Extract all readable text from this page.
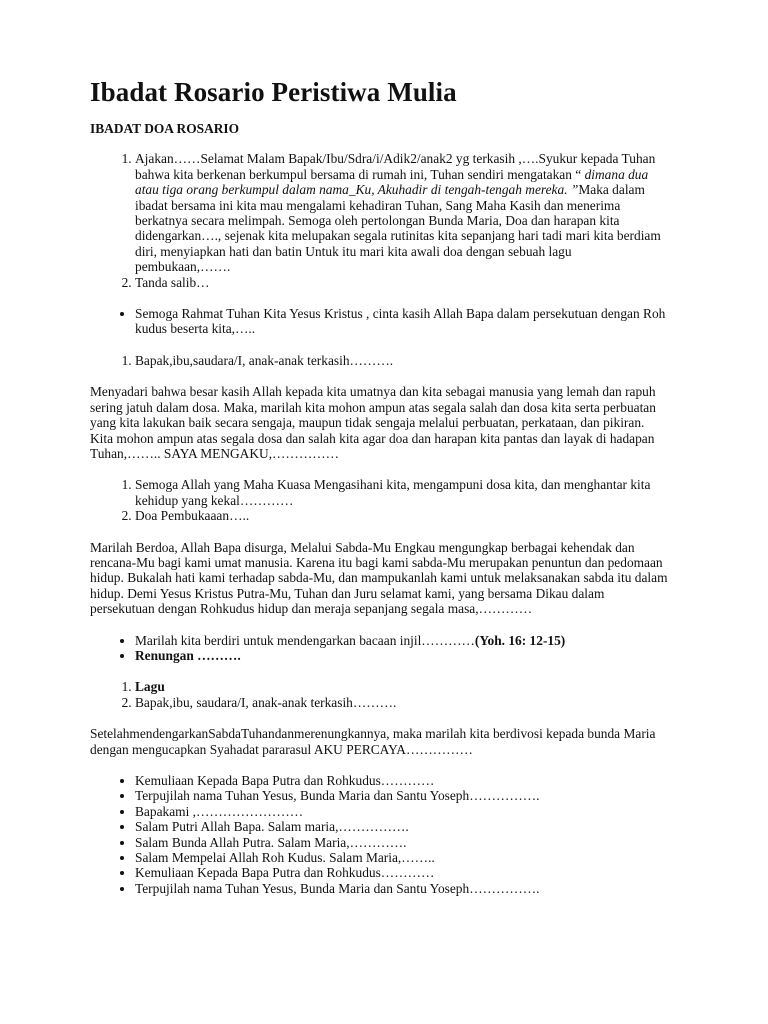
Ibadat Rosario Peristiwa Mulia

IBADAT DOA ROSARIO

1. Ajakan……Selamat Malam Bapak/Ibu/Sdra/i/Adik2/anak2 yg terkasih ,….Syukur kepada Tuhan bahwa kita berkenan berkumpul bersama di rumah ini, Tuhan sendiri mengatakan “ dimana dua atau tiga orang berkumpul dalam nama_Ku, Akuhadir di tengah-tengah mereka. ”Maka dalam ibadat bersama ini kita mau mengalami kehadiran Tuhan, Sang Maha Kasih dan menerima berkatnya secara melimpah. Semoga oleh pertolongan Bunda Maria, Doa dan harapan kita didengarkan…., sejenak kita melupakan segala rutinitas kita sepanjang hari tadi mari kita berdiam diri, menyiapkan hati dan batin Untuk itu mari kita awali doa dengan sebuah lagu pembukaan,…….
2. Tanda salib…
• Semoga Rahmat Tuhan Kita Yesus Kristus , cinta kasih Allah Bapa dalam persekutuan dengan Roh kudus beserta kita,…..
1. Bapak,ibu,saudara/I, anak-anak terkasih……….

Menyadari bahwa besar kasih Allah kepada kita umatnya dan kita sebagai manusia yang lemah dan rapuh sering jatuh dalam dosa. Maka, marilah kita mohon ampun atas segala salah dan dosa kita serta perbuatan yang kita lakukan baik secara sengaja, maupun tidak sengaja melalui perbuatan, perkataan, dan pikiran. Kita mohon ampun atas segala dosa dan salah kita agar doa dan harapan kita pantas dan layak di hadapan Tuhan,…….. SAYA MENGAKU,……………

1. Semoga Allah yang Maha Kuasa Mengasihani kita, mengampuni dosa kita, dan menghantar kita kehidup yang kekal…………
2. Doa Pembukaaan…..

Marilah Berdoa, Allah Bapa disurga, Melalui Sabda-Mu Engkau mengungkap berbagai kehendak dan rencana-Mu bagi kami umat manusia. Karena itu bagi kami sabda-Mu merupakan penuntun dan pedomaan hidup. Bukalah hati kami terhadap sabda-Mu, dan mampukanlah kami untuk melaksanakan sabda itu dalam hidup. Demi Yesus Kristus Putra-Mu, Tuhan dan Juru selamat kami, yang bersama Dikau dalam persekutuan dengan Rohkudus hidup dan meraja sepanjang segala masa,…………

• Marilah kita berdiri untuk mendengarkan bacaan injil…………(Yoh. 16: 12-15)
• Renungan ……….
1. Lagu
2. Bapak,ibu, saudara/I, anak-anak terkasih……….

SetelahmendengarkanSabdaTuhandanmerenungkannya, maka marilah kita berdivosi kepada bunda Maria dengan mengucapkan Syahadat pararasul AKU PERCAYA……………

• Kemuliaan Kepada Bapa Putra dan Rohkudus…………
• Terpujilah nama Tuhan Yesus, Bunda Maria dan Santu Yoseph…………….
• Bapakami ,……………………
• Salam Putri Allah Bapa. Salam maria,…………….
• Salam Bunda Allah Putra. Salam Maria,………….
• Salam Mempelai Allah Roh Kudus. Salam Maria,……..
• Kemuliaan Kepada Bapa Putra dan Rohkudus…………
• Terpujilah nama Tuhan Yesus, Bunda Maria dan Santu Yoseph…………….
